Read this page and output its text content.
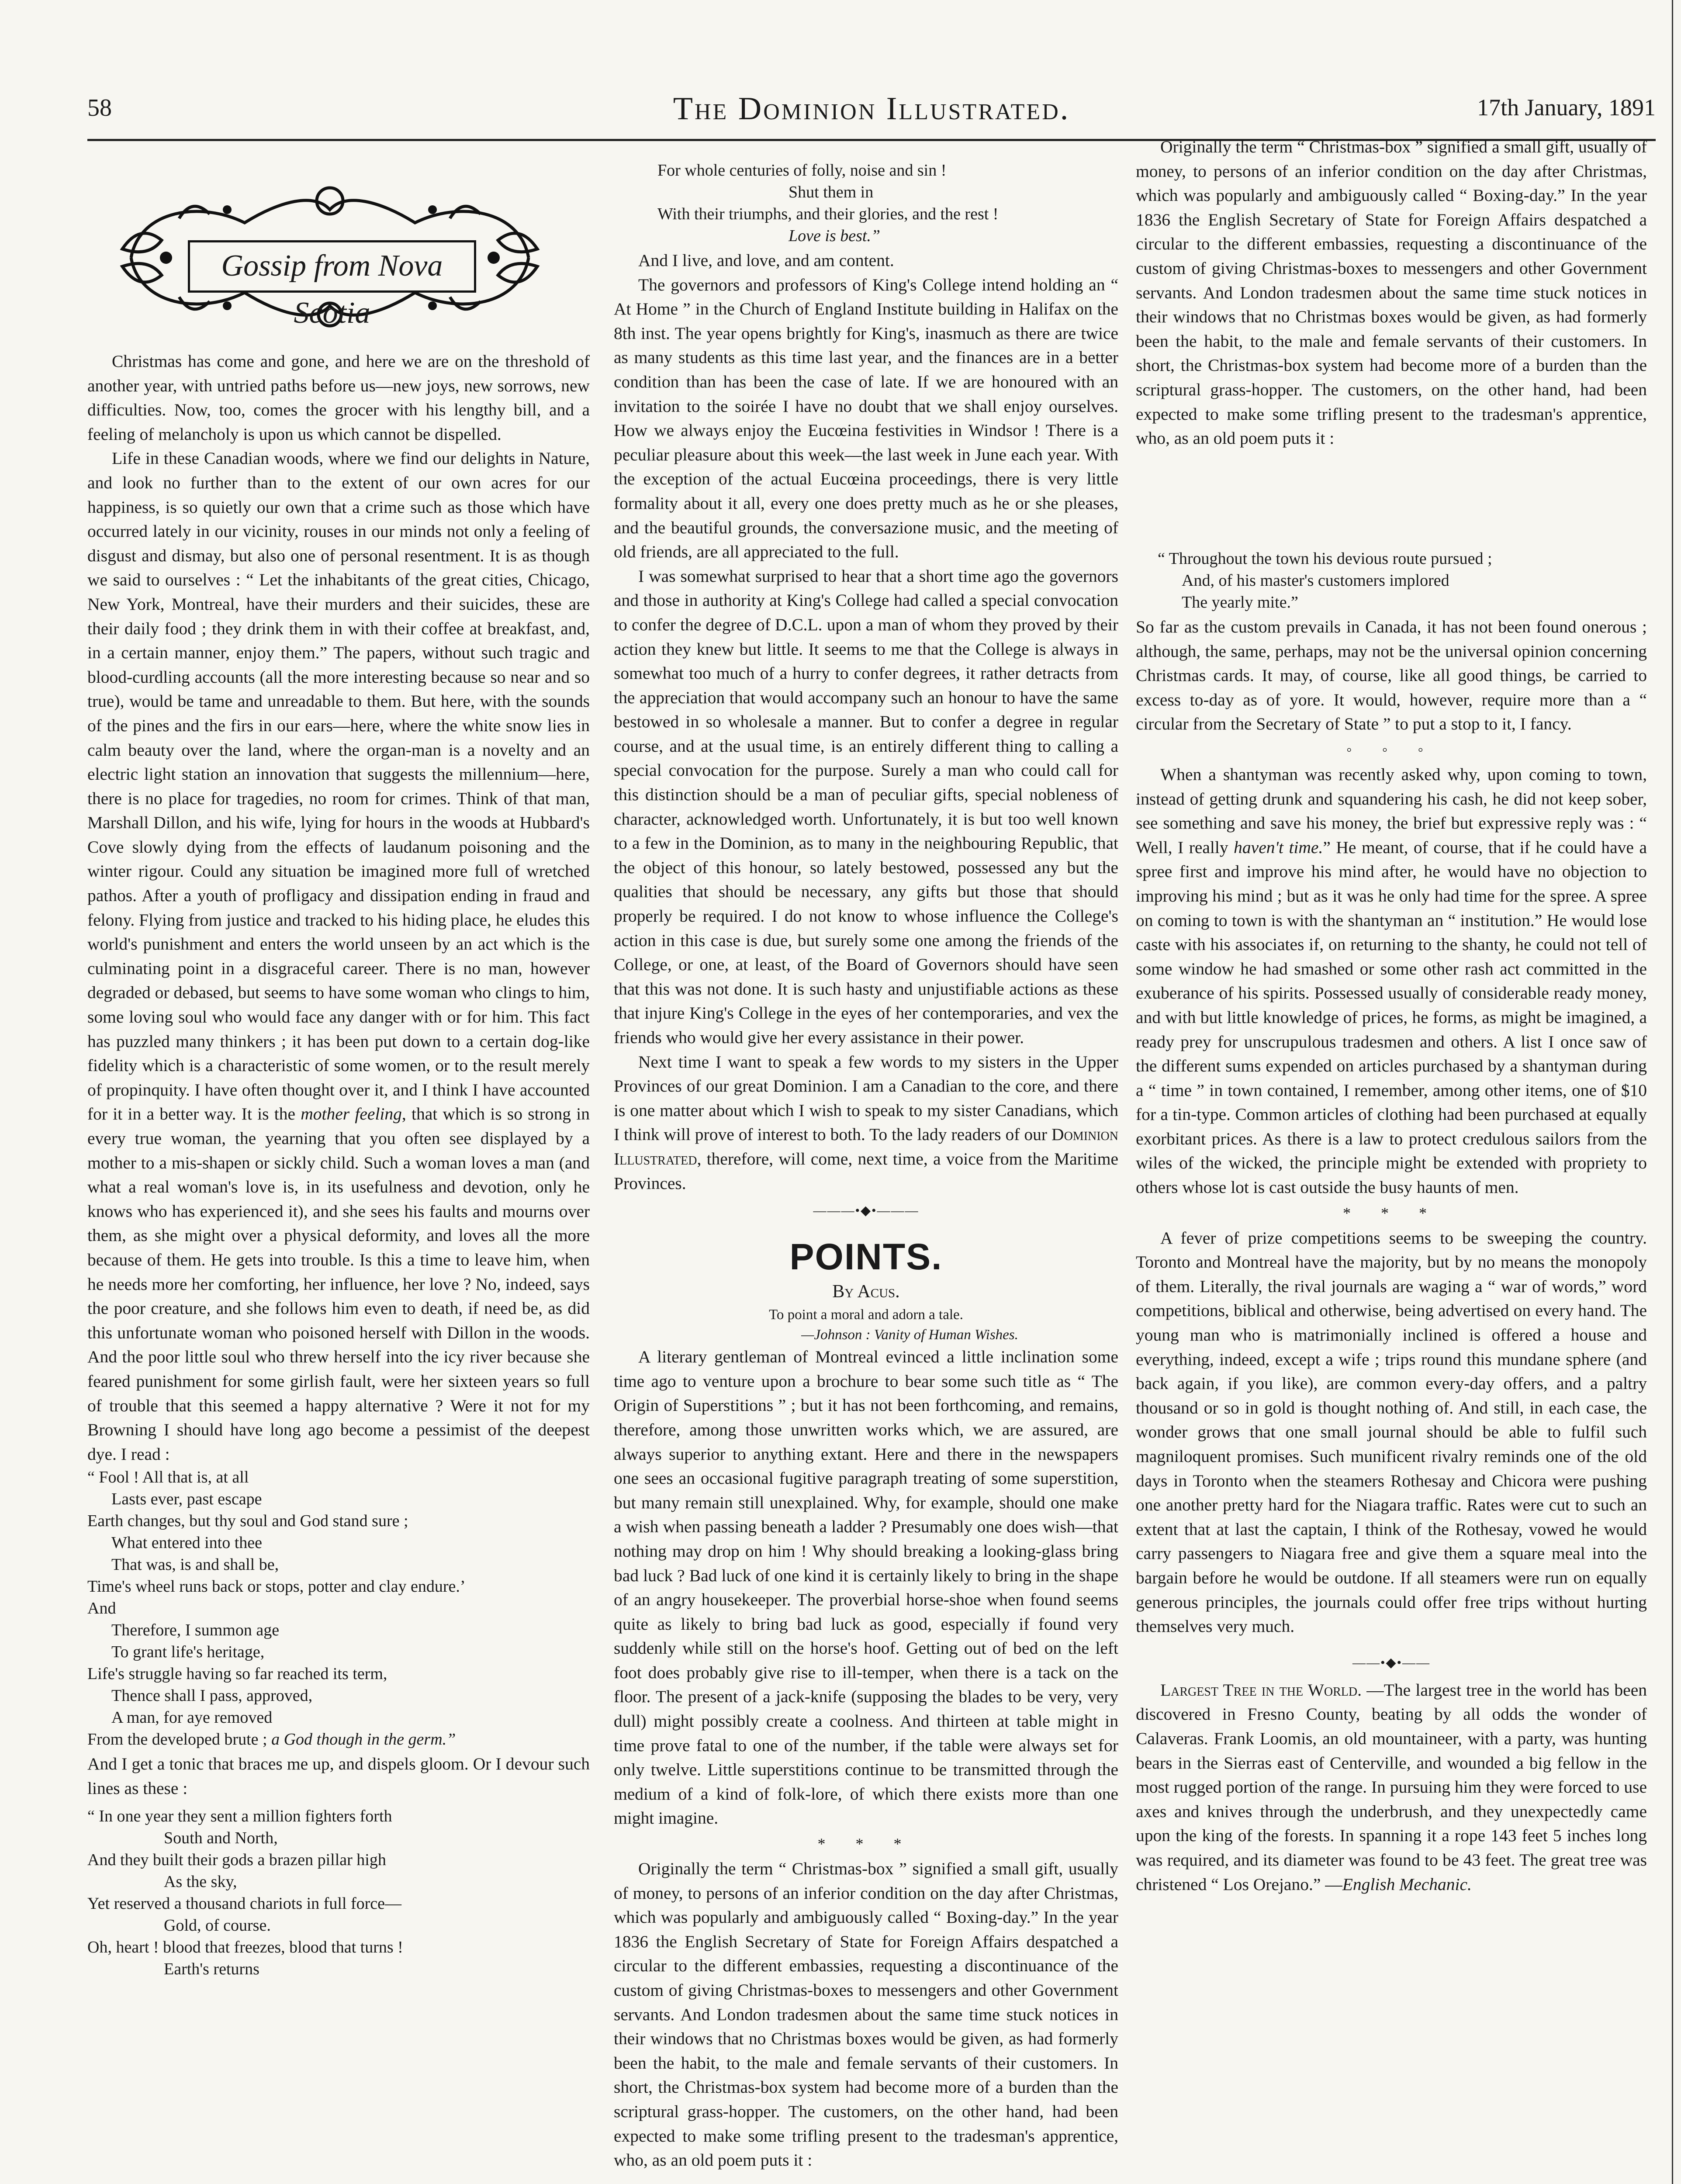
58	The Dominion Illustrated.	17th January, 1891
Gossip from Nova Scotia

Christmas has come and gone, and here we are on the threshold of another year, with untried paths before us—new joys, new sorrows, new difficulties. Now, too, comes the grocer with his lengthy bill, and a feeling of melancholy is upon us which cannot be dispelled.

Life in these Canadian woods, where we find our delights in Nature, and look no further than to the extent of our own acres for our happiness, is so quietly our own that a crime such as those which have occurred lately in our vicinity, rouses in our minds not only a feeling of disgust and dismay, but also one of personal resentment. It is as though we said to ourselves : “ Let the inhabitants of the great cities, Chicago, New York, Montreal, have their murders and their suicides, these are their daily food ; they drink them in with their coffee at breakfast, and, in a certain manner, enjoy them.” The papers, without such tragic and blood-curdling accounts (all the more interesting because so near and so true), would be tame and unreadable to them. But here, with the sounds of the pines and the firs in our ears—here, where the white snow lies in calm beauty over the land, where the organ-man is a novelty and an electric light station an innovation that suggests the millennium—here, there is no place for tragedies, no room for crimes. Think of that man, Marshall Dillon, and his wife, lying for hours in the woods at Hubbard's Cove slowly dying from the effects of laudanum poisoning and the winter rigour. Could any situation be imagined more full of wretched pathos. After a youth of profligacy and dissipation ending in fraud and felony. Flying from justice and tracked to his hiding place, he eludes this world's punishment and enters the world unseen by an act which is the culminating point in a disgraceful career. There is no man, however degraded or debased, but seems to have some woman who clings to him, some loving soul who would face any danger with or for him. This fact has puzzled many thinkers ; it has been put down to a certain dog-like fidelity which is a characteristic of some women, or to the result merely of propinquity. I have often thought over it, and I think I have accounted for it in a better way. It is the mother feeling, that which is so strong in every true woman, the yearning that you often see displayed by a mother to a mis-shapen or sickly child. Such a woman loves a man (and what a real woman's love is, in its usefulness and devotion, only he knows who has experienced it), and she sees his faults and mourns over them, as she might over a physical deformity, and loves all the more because of them. He gets into trouble. Is this a time to leave him, when he needs more her comforting, her influence, her love ? No, indeed, says the poor creature, and she follows him even to death, if need be, as did this unfortunate woman who poisoned herself with Dillon in the woods. And the poor little soul who threw herself into the icy river because she feared punishment for some girlish fault, were her sixteen years so full of trouble that this seemed a happy alternative ? Were it not for my Browning I should have long ago become a pessimist of the deepest dye. I read :

“ Fool ! All that is, at all
Lasts ever, past escape
Earth changes, but thy soul and God stand sure ;
What entered into thee
That was, is and shall be,
Time's wheel runs back or stops, potter and clay endure.’
And
Therefore, I summon age
To grant life's heritage,
Life's struggle having so far reached its term,
Thence shall I pass, approved,
A man, for aye removed
From the developed brute ; a God though in the germ.”

And I get a tonic that braces me up, and dispels gloom. Or I devour such lines as these :

“ In one year they sent a million fighters forth
South and North,
And they built their gods a brazen pillar high
As the sky,
Yet reserved a thousand chariots in full force—
Gold, of course.
Oh, heart ! blood that freezes, blood that turns !
Earth's returns
For whole centuries of folly, noise and sin !
Shut them in
With their triumphs, and their glories, and the rest !
Love is best.”

And I live, and love, and am content.

The governors and professors of King's College intend holding an “ At Home ” in the Church of England Institute building in Halifax on the 8th inst. The year opens brightly for King's, inasmuch as there are twice as many students as this time last year, and the finances are in a better condition than has been the case of late. If we are honoured with an invitation to the soirée I have no doubt that we shall enjoy ourselves. How we always enjoy the Eucœina festivities in Windsor ! There is a peculiar pleasure about this week—the last week in June each year. With the exception of the actual Eucœina proceedings, there is very little formality about it all, every one does pretty much as he or she pleases, and the beautiful grounds, the conversazione music, and the meeting of old friends, are all appreciated to the full.

I was somewhat surprised to hear that a short time ago the governors and those in authority at King's College had called a special convocation to confer the degree of D.C.L. upon a man of whom they proved by their action they knew but little. It seems to me that the College is always in somewhat too much of a hurry to confer degrees, it rather detracts from the appreciation that would accompany such an honour to have the same bestowed in so wholesale a manner. But to confer a degree in regular course, and at the usual time, is an entirely different thing to calling a special convocation for the purpose. Surely a man who could call for this distinction should be a man of peculiar gifts, special nobleness of character, acknowledged worth. Unfortunately, it is but too well known to a few in the Dominion, as to many in the neighbouring Republic, that the object of this honour, so lately bestowed, possessed any but the qualities that should be necessary, any gifts but those that should properly be required. I do not know to whose influence the College's action in this case is due, but surely some one among the friends of the College, or one, at least, of the Board of Governors should have seen that this was not done. It is such hasty and unjustifiable actions as these that injure King's College in the eyes of her contemporaries, and vex the friends who would give her every assistance in their power.

Next time I want to speak a few words to my sisters in the Upper Provinces of our great Dominion. I am a Canadian to the core, and there is one matter about which I wish to speak to my sister Canadians, which I think will prove of interest to both. To the lady readers of our Dominion Illustrated, therefore, will come, next time, a voice from the Maritime Provinces.

———•◆•———
POINTS.
By Acus.
To point a moral and adorn a tale.
—Johnson : Vanity of Human Wishes.

A literary gentleman of Montreal evinced a little inclination some time ago to venture upon a brochure to bear some such title as “ The Origin of Superstitions ” ; but it has not been forthcoming, and remains, therefore, among those unwritten works which, we are assured, are always superior to anything extant. Here and there in the newspapers one sees an occasional fugitive paragraph treating of some superstition, but many remain still unexplained. Why, for example, should one make a wish when passing beneath a ladder ? Presumably one does wish—that nothing may drop on him ! Why should breaking a looking-glass bring bad luck ? Bad luck of one kind it is certainly likely to bring in the shape of an angry housekeeper. The proverbial horse-shoe when found seems quite as likely to bring bad luck as good, especially if found very suddenly while still on the horse's hoof. Getting out of bed on the left foot does probably give rise to ill-temper, when there is a tack on the floor. The present of a jack-knife (supposing the blades to be very, very dull) might possibly create a coolness. And thirteen at table might in time prove fatal to one of the number, if the table were always set for only twelve. Little superstitions continue to be transmitted through the medium of a kind of folk-lore, of which there exists more than one might imagine.

* * *

Originally the term “ Christmas-box ” signified a small gift, usually of money, to persons of an inferior condition on the day after Christmas, which was popularly and ambiguously called “ Boxing-day.” In the year 1836 the English Secretary of State for Foreign Affairs despatched a circular to the different embassies, requesting a discontinuance of the custom of giving Christmas-boxes to messengers and other Government servants. And London tradesmen about the same time stuck notices in their windows that no Christmas boxes would be given, as had formerly been the habit, to the male and female servants of their customers. In short, the Christmas-box system had become more of a burden than the scriptural grass-hopper. The customers, on the other hand, had been expected to make some trifling present to the tradesman's apprentice, who, as an old poem puts it :

Originally the term “ Christmas-box ” signified a small gift, usually of money, to persons of an inferior condition on the day after Christmas, which was popularly and ambiguously called “ Boxing-day.” In the year 1836 the English Secretary of State for Foreign Affairs despatched a circular to the different embassies, requesting a discontinuance of the custom of giving Christmas-boxes to messengers and other Government servants. And London tradesmen about the same time stuck notices in their windows that no Christmas boxes would be given, as had formerly been the habit, to the male and female servants of their customers. In short, the Christmas-box system had become more of a burden than the scriptural grass-hopper. The customers, on the other hand, had been expected to make some trifling present to the tradesman's apprentice, who, as an old poem puts it :

“ Throughout the town his devious route pursued ;
And, of his master's customers implored
The yearly mite.”

So far as the custom prevails in Canada, it has not been found onerous ; although, the same, perhaps, may not be the universal opinion concerning Christmas cards. It may, of course, like all good things, be carried to excess to-day as of yore. It would, however, require more than a “ circular from the Secretary of State ” to put a stop to it, I fancy.

◦ ◦ ◦

When a shantyman was recently asked why, upon coming to town, instead of getting drunk and squandering his cash, he did not keep sober, see something and save his money, the brief but expressive reply was : “ Well, I really haven't time.” He meant, of course, that if he could have a spree first and improve his mind after, he would have no objection to improving his mind ; but as it was he only had time for the spree. A spree on coming to town is with the shantyman an “ institution.” He would lose caste with his associates if, on returning to the shanty, he could not tell of some window he had smashed or some other rash act committed in the exuberance of his spirits. Possessed usually of considerable ready money, and with but little knowledge of prices, he forms, as might be imagined, a ready prey for unscrupulous tradesmen and others. A list I once saw of the different sums expended on articles purchased by a shantyman during a “ time ” in town contained, I remember, among other items, one of $10 for a tin-type. Common articles of clothing had been purchased at equally exorbitant prices. As there is a law to protect credulous sailors from the wiles of the wicked, the principle might be extended with propriety to others whose lot is cast outside the busy haunts of men.

* * *

A fever of prize competitions seems to be sweeping the country. Toronto and Montreal have the majority, but by no means the monopoly of them. Literally, the rival journals are waging a “ war of words,” word competitions, biblical and otherwise, being advertised on every hand. The young man who is matrimonially inclined is offered a house and everything, indeed, except a wife ; trips round this mundane sphere (and back again, if you like), are common every-day offers, and a paltry thousand or so in gold is thought nothing of. And still, in each case, the wonder grows that one small journal should be able to fulfil such magniloquent promises. Such munificent rivalry reminds one of the old days in Toronto when the steamers Rothesay and Chicora were pushing one another pretty hard for the Niagara traffic. Rates were cut to such an extent that at last the captain, I think of the Rothesay, vowed he would carry passengers to Niagara free and give them a square meal into the bargain before he would be outdone. If all steamers were run on equally generous principles, the journals could offer free trips without hurting themselves very much.

——•◆•——

Largest Tree in the World. —The largest tree in the world has been discovered in Fresno County, beating by all odds the wonder of Calaveras. Frank Loomis, an old mountaineer, with a party, was hunting bears in the Sierras east of Centerville, and wounded a big fellow in the most rugged portion of the range. In pursuing him they were forced to use axes and knives through the underbrush, and they unexpectedly came upon the king of the forests. In spanning it a rope 143 feet 5 inches long was required, and its diameter was found to be 43 feet. The great tree was christened “ Los Orejano.” —English Mechanic.
